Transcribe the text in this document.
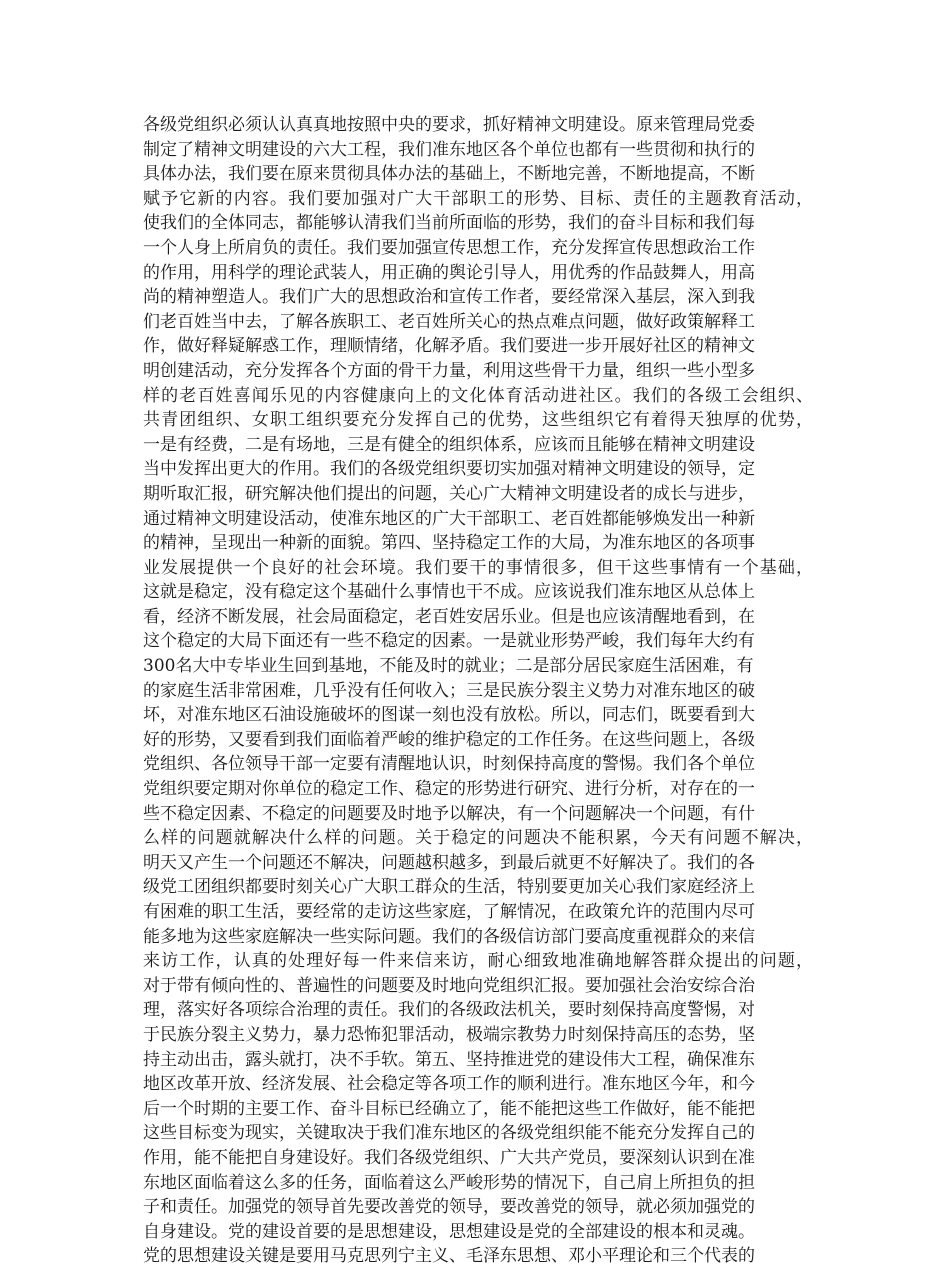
各级党组织必须认认真真地按照中央的要求，抓好精神文明建设。原来管理局党委
制定了精神文明建设的六大工程，我们准东地区各个单位也都有一些贯彻和执行的
具体办法，我们要在原来贯彻具体办法的基础上，不断地完善，不断地提高，不断
赋予它新的内容。我们要加强对广大干部职工的形势、目标、责任的主题教育活动，
使我们的全体同志，都能够认清我们当前所面临的形势，我们的奋斗目标和我们每
一个人身上所肩负的责任。我们要加强宣传思想工作，充分发挥宣传思想政治工作
的作用，用科学的理论武装人，用正确的舆论引导人，用优秀的作品鼓舞人，用高
尚的精神塑造人。我们广大的思想政治和宣传工作者，要经常深入基层，深入到我
们老百姓当中去，了解各族职工、老百姓所关心的热点难点问题，做好政策解释工
作，做好释疑解惑工作，理顺情绪，化解矛盾。我们要进一步开展好社区的精神文
明创建活动，充分发挥各个方面的骨干力量，利用这些骨干力量，组织一些小型多
样的老百姓喜闻乐见的内容健康向上的文化体育活动进社区。我们的各级工会组织、
共青团组织、女职工组织要充分发挥自己的优势，这些组织它有着得天独厚的优势，
一是有经费，二是有场地，三是有健全的组织体系，应该而且能够在精神文明建设
当中发挥出更大的作用。我们的各级党组织要切实加强对精神文明建设的领导，定
期听取汇报，研究解决他们提出的问题，关心广大精神文明建设者的成长与进步，
通过精神文明建设活动，使准东地区的广大干部职工、老百姓都能够焕发出一种新
的精神，呈现出一种新的面貌。第四、坚持稳定工作的大局，为准东地区的各项事
业发展提供一个良好的社会环境。我们要干的事情很多，但干这些事情有一个基础，
这就是稳定，没有稳定这个基础什么事情也干不成。应该说我们准东地区从总体上
看，经济不断发展，社会局面稳定，老百姓安居乐业。但是也应该清醒地看到，在
这个稳定的大局下面还有一些不稳定的因素。一是就业形势严峻，我们每年大约有
300名大中专毕业生回到基地，不能及时的就业；二是部分居民家庭生活困难，有
的家庭生活非常困难，几乎没有任何收入；三是民族分裂主义势力对准东地区的破
坏，对准东地区石油设施破坏的图谋一刻也没有放松。所以，同志们，既要看到大
好的形势，又要看到我们面临着严峻的维护稳定的工作任务。在这些问题上，各级
党组织、各位领导干部一定要有清醒地认识，时刻保持高度的警惕。我们各个单位
党组织要定期对你单位的稳定工作、稳定的形势进行研究、进行分析，对存在的一
些不稳定因素、不稳定的问题要及时地予以解决，有一个问题解决一个问题，有什
么样的问题就解决什么样的问题。关于稳定的问题决不能积累，今天有问题不解决，
明天又产生一个问题还不解决，问题越积越多，到最后就更不好解决了。我们的各
级党工团组织都要时刻关心广大职工群众的生活，特别要更加关心我们家庭经济上
有困难的职工生活，要经常的走访这些家庭，了解情况，在政策允许的范围内尽可
能多地为这些家庭解决一些实际问题。我们的各级信访部门要高度重视群众的来信
来访工作，认真的处理好每一件来信来访，耐心细致地准确地解答群众提出的问题，
对于带有倾向性的、普遍性的问题要及时地向党组织汇报。要加强社会治安综合治
理，落实好各项综合治理的责任。我们的各级政法机关，要时刻保持高度警惕，对
于民族分裂主义势力，暴力恐怖犯罪活动，极端宗教势力时刻保持高压的态势，坚
持主动出击，露头就打，决不手软。第五、坚持推进党的建设伟大工程，确保准东
地区改革开放、经济发展、社会稳定等各项工作的顺利进行。准东地区今年，和今
后一个时期的主要工作、奋斗目标已经确立了，能不能把这些工作做好，能不能把
这些目标变为现实，关键取决于我们准东地区的各级党组织能不能充分发挥自己的
作用，能不能把自身建设好。我们各级党组织、广大共产党员，要深刻认识到在准
东地区面临着这么多的任务，面临着这么严峻形势的情况下，自己肩上所担负的担
子和责任。加强党的领导首先要改善党的领导，要改善党的领导，就必须加强党的
自身建设。党的建设首要的是思想建设，思想建设是党的全部建设的根本和灵魂。
党的思想建设关键是要用马克思列宁主义、毛泽东思想、邓小平理论和三个代表的
